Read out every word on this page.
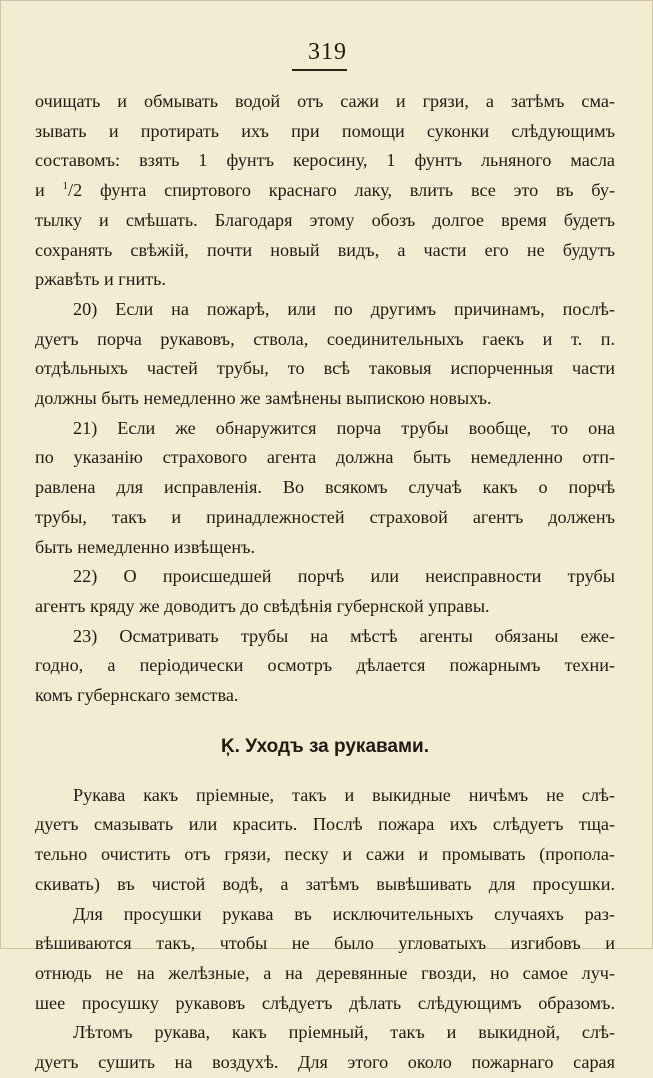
319

очищать и обмывать водой отъ сажи и грязи, а затѣмъ сма-

зывать и протирать ихъ при помощи суконки слѣдующимъ

составомъ: взять 1 фунтъ керосину, 1 фунтъ льняного масла

и $^1$/2 фунта спиртового краснаго лаку, влить все это въ бу-

тылку и смѣшать. Благодаря этому обозъ долгое время будетъ

сохранять свѣжій, почти новый видъ, а части его не будутъ

ржавѣть и гнить.

20) Если на пожарѣ, или по другимъ причинамъ, послѣ-

дуетъ порча рукавовъ, ствола, соединительныхъ гаекъ и т. п.

отдѣльныхъ частей трубы, то всѣ таковыя испорченныя части

должны быть немедленно же замѣнены выпискою новыхъ.

21) Если же обнаружится порча трубы вообще, то она

по указанію страхового агента должна быть немедленно отп-

равлена для исправленія. Во всякомъ случаѣ какъ о порчѣ

трубы, такъ и принадлежностей страховой агентъ долженъ

быть немедленно извѣщенъ.

22) О происшедшей порчѣ или неисправности трубы

агентъ кряду же доводитъ до свѣдѣнія губернской управы.

23) Осматривать трубы на мѣстѣ агенты обязаны еже-

годно, а періодически осмотръ дѣлается пожарнымъ техни-

комъ губернскаго земства.

Ķ. Уходъ за рукавами.

Рукава какъ пріемные, такъ и выкидные ничѣмъ не слѣ-

дуетъ смазывать или красить. Послѣ пожара ихъ слѣдуетъ тща-

тельно очистить отъ грязи, песку и сажи и промывать (пропола-

скивать) въ чистой водѣ, а затѣмъ вывѣшивать для просушки.

Для просушки рукава въ исключительныхъ случаяхъ раз-

вѣшиваются такъ, чтобы не было угловатыхъ изгибовъ и

отнюдь не на желѣзные, а на деревянные гвозди, но самое луч-

шее просушку рукавовъ слѣдуетъ дѣлать слѣдующимъ образомъ.

Лѣтомъ рукава, какъ пріемный, такъ и выкидной, слѣ-

дуетъ сушить на воздухѣ. Для этого около пожарнаго сарая
